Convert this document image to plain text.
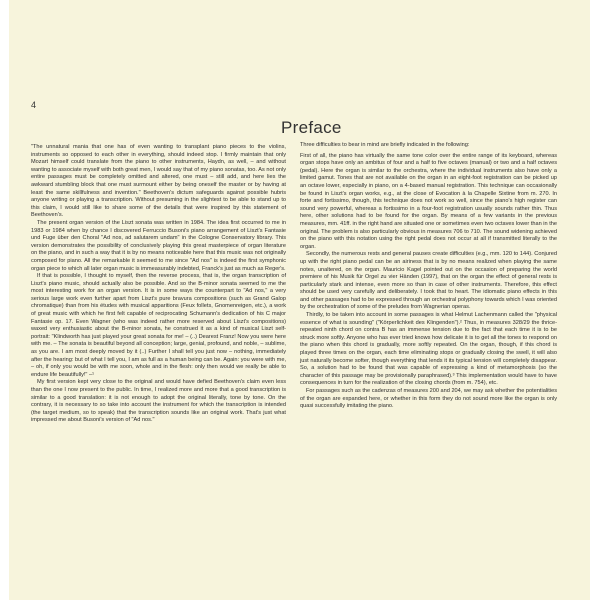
4
Preface

"The unnatural mania that one has of even wanting to transplant piano pieces to the violins, instruments so opposed to each other in everything, should indeed stop. I firmly maintain that only Mozart himself could translate from the piano to other instruments, Haydn, as well, – and without wanting to associate myself with both great men, I would say that of my piano sonatas, too. As not only entire passages must be completely omitted and altered, one must – still add, and here lies the awkward stumbling block that one must surmount either by being oneself the master or by having at least the same skillfulness and invention." Beethoven's dictum safeguards against possible hubris anyone writing or playing a transcription. Without presuming in the slightest to be able to stand up to this claim, I would still like to share some of the details that were inspired by this statement of Beethoven's.

The present organ version of the Liszt sonata was written in 1984. The idea first occurred to me in 1983 or 1984 when by chance I discovered Ferruccio Busoni's piano arrangement of Liszt's Fantasie und Fuge über den Choral "Ad nos, ad salutarem undam" in the Cologne Conservatory library. This version demonstrates the possibility of conclusively playing this great masterpiece of organ literature on the piano, and in such a way that it is by no means noticeable here that this music was not originally composed for piano. All the remarkable it seemed to me since "Ad nos" is indeed the first symphonic organ piece to which all later organ music is immeasurably indebted, Franck's just as much as Reger's.

If that is possible, I thought to myself, then the reverse process, that is, the organ transcription of Liszt's piano music, should actually also be possible. And so the B-minor sonata seemed to me the most interesting work for an organ version. It is in some ways the counterpart to "Ad nos," a very serious large work even further apart from Liszt's pure bravura compositions (such as Grand Galop chromatique) than from his études with musical apparitions (Feux follets, Gnomenreigen, etc.), a work of great music with which he first felt capable of reciprocating Schumann's dedication of his C major Fantasie op. 17. Even Wagner (who was indeed rather more reserved about Liszt's compositions) waxed very enthusiastic about the B-minor sonata, he construed it as a kind of musical Liszt self-portrait: "Klindworth has just played your great sonata for me! – (..) Dearest Franz! Now you were here with me. – The sonata is beautiful beyond all conception; large, genial, profound, and noble, – sublime, as you are. I am most deeply moved by it (..) Further I shall tell you just now – nothing, immediately after the hearing: but of what I tell you, I am as full as a human being can be. Again: you were with me, – oh, if only you would be with me soon, whole and in the flesh: only then would we really be able to endure life beautifully!" –¹

My first version kept very close to the original and would have defied Beethoven's claim even less than the one I now present to the public. In time, I realized more and more that a good transcription is similar to a good translation: it is not enough to adopt the original literally, tone by tone. On the contrary, it is necessary to so take into account the instrument for which the transcription is intended (the target medium, so to speak) that the transcription sounds like an original work. That's just what impressed me about Busoni's version of "Ad nos."

Three difficulties to bear in mind are briefly indicated in the following:

First of all, the piano has virtually the same tone color over the entire range of its keyboard, whereas organ stops have only an ambitus of four and a half to five octaves (manual) or two and a half octaves (pedal). Here the organ is similar to the orchestra, where the individual instruments also have only a limited gamut. Tones that are not available on the organ in an eight-foot registration can be picked up an octave lower, especially in piano, on a 4-based manual registration. This technique can occasionally be found in Liszt's organ works, e.g., at the close of Evocation à la Chapelle Sixtine from m. 270. In forte and fortissimo, though, this technique does not work so well, since the piano's high register can sound very powerful, whereas a fortissimo in a four-foot registration usually sounds rather thin. Thus here, other solutions had to be found for the organ. By means of a few variants in the previous measures, mm. 41ff. in the right hand are situated one or sometimes even two octaves lower than in the original. The problem is also particularly obvious in measures 706 to 710. The sound widening achieved on the piano with this notation using the right pedal does not occur at all if transmitted literally to the organ.

Secondly, the numerous rests and general pauses create difficulties (e.g., mm. 120 to 144). Conjured up with the right piano pedal can be an airiness that is by no means realized when playing the same notes, unaltered, on the organ. Mauricio Kagel pointed out on the occasion of preparing the world premiere of his Musik für Orgel zu vier Händen (1997), that on the organ the effect of general rests is particularly stark and intense, even more so than in case of other instruments. Therefore, this effect should be used very carefully and deliberately. I took that to heart. The idiomatic piano effects in this and other passages had to be expressed through an orchestral polyphony towards which I was oriented by the orchestration of some of the preludes from Wagnerian operas.

Thirdly, to be taken into account in some passages is what Helmut Lachenmann called the "physical essence of what is sounding" ("Körperlichkeit des Klingenden").² Thus, in measures 328/29 the thrice-repeated ninth chord on contra B has an immense tension due to the fact that each time it is to be struck more softly. Anyone who has ever tried knows how delicate it is to get all the tones to respond on the piano when this chord is gradually, more softly repeated. On the organ, though, if this chord is played three times on the organ, each time eliminating stops or gradually closing the swell, it will also just naturally become softer, though everything that lends it its typical tension will completely disappear. So, a solution had to be found that was capable of expressing a kind of metamorphosis (so the character of this passage may be provisionally paraphrased).³ This implementation would have to have consequences in turn for the realization of the closing chords (from m. 754), etc.

For passages such as the cadenzas of measures 200 and 204, we may ask whether the potentialities of the organ are expanded here, or whether in this form they do not sound more like the organ is only quasi successfully imitating the piano.
